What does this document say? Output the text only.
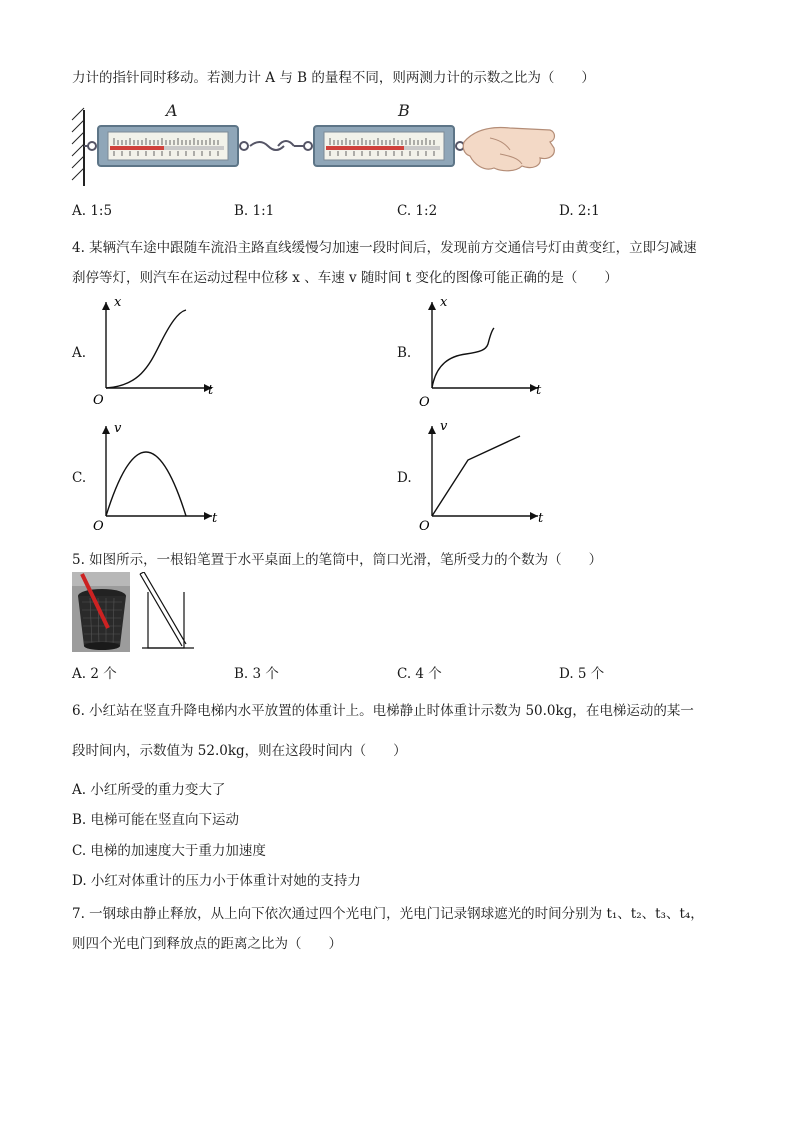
力计的指针同时移动。若测力计 A 与 B 的量程不同，则两测力计的示数之比为（　　）
A	B
A. 1:5	B. 1:1	C. 1:2	D. 2:1
4. 某辆汽车途中跟随车流沿主路直线缓慢匀加速一段时间后，发现前方交通信号灯由黄变红，立即匀减速
刹停等灯，则汽车在运动过程中位移 x 、车速 v 随时间 t 变化的图像可能正确的是（　　）
A.
x
t
O
B.
x
t
O
C.
v
t
O
D.
v
t
O
5. 如图所示，一根铅笔置于水平桌面上的笔筒中，筒口光滑，笔所受力的个数为（　　）
A. 2 个	B. 3 个	C. 4 个	D. 5 个
6. 小红站在竖直升降电梯内水平放置的体重计上。电梯静止时体重计示数为 50.0kg，在电梯运动的某一
段时间内，示数值为 52.0kg，则在这段时间内（　　）
A. 小红所受的重力变大了
B. 电梯可能在竖直向下运动
C. 电梯的加速度大于重力加速度
D. 小红对体重计的压力小于体重计对她的支持力
7. 一钢球由静止释放，从上向下依次通过四个光电门，光电门记录钢球遮光的时间分别为 t₁、t₂、t₃、t₄，
则四个光电门到释放点的距离之比为（　　）
